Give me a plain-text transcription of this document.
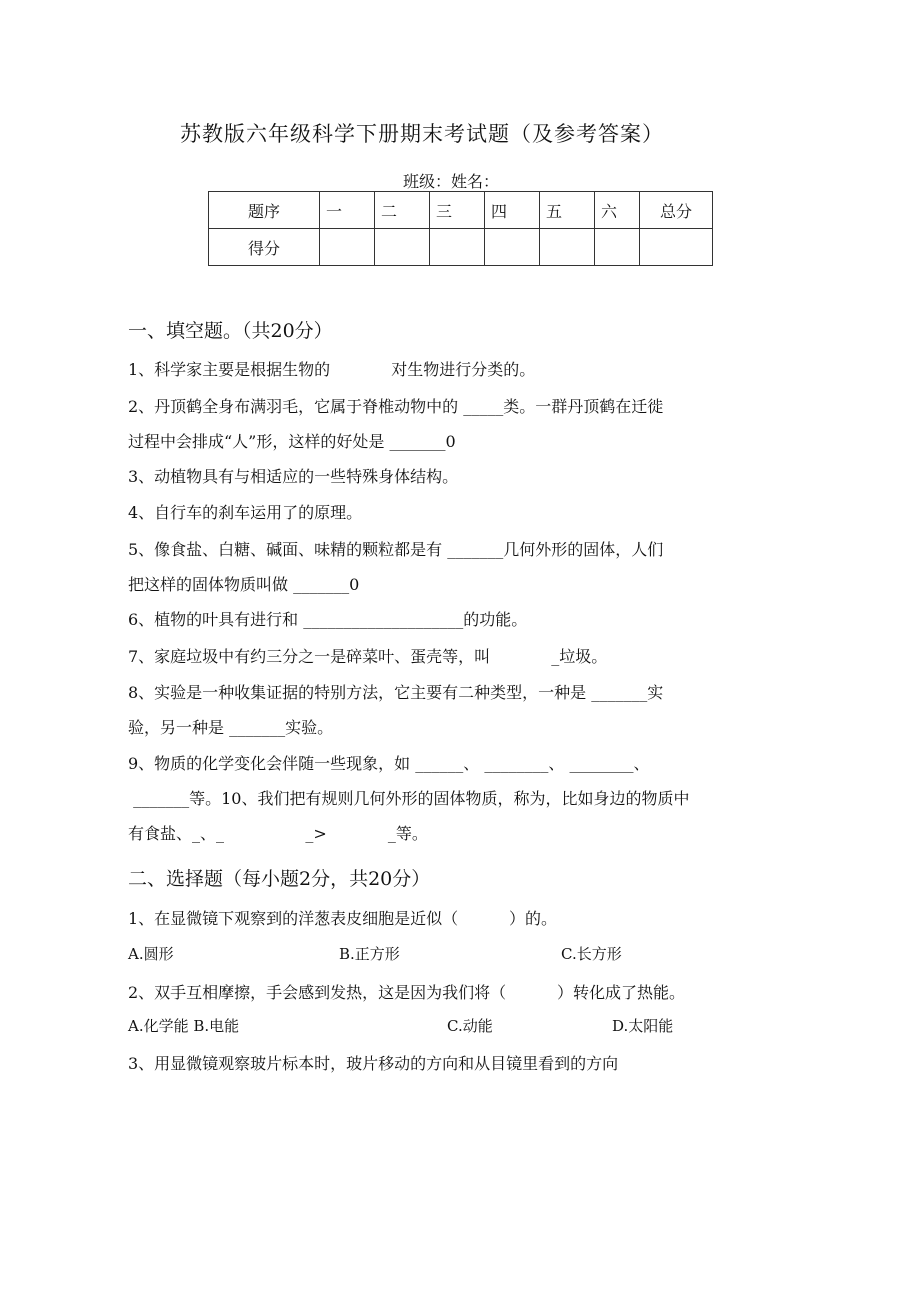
苏教版六年级科学下册期末考试题（及参考答案）
班级：姓名：
题序	一	二	三	四	五	六	总分
得分							
一、填空题。（共20分）
1、科学家主要是根据生物的            对生物进行分类的。
2、丹顶鹤全身布满羽毛，它属于脊椎动物中的 _____类。一群丹顶鹤在迁徙
过程中会排成“人”形，这样的好处是 _______0
3、动植物具有与相适应的一些特殊身体结构。
4、自行车的刹车运用了的原理。
5、像食盐、白糖、碱面、味精的颗粒都是有 _______几何外形的固体，人们
把这样的固体物质叫做 _______0
6、植物的叶具有进行和 ____________________的功能。
7、家庭垃圾中有约三分之一是碎菜叶、蛋壳等，叫            _垃圾。
8、实验是一种收集证据的特别方法，它主要有二种类型，一种是 _______实
验，另一种是 _______实验。
9、物质的化学变化会伴随一些现象，如 ______、 ________、 ________、
_______等。10、我们把有规则几何外形的固体物质，称为，比如身边的物质中
有食盐、_、_                _>            _等。
二、选择题（每小题2分，共20分）
1、在显微镜下观察到的洋葱表皮细胞是近似（          ）的。
A.圆形	B.正方形	C.长方形
2、双手互相摩擦，手会感到发热，这是因为我们将（          ）转化成了热能。
A.化学能 B.电能	C.动能	D.太阳能
3、用显微镜观察玻片标本时，玻片移动的方向和从目镜里看到的方向
